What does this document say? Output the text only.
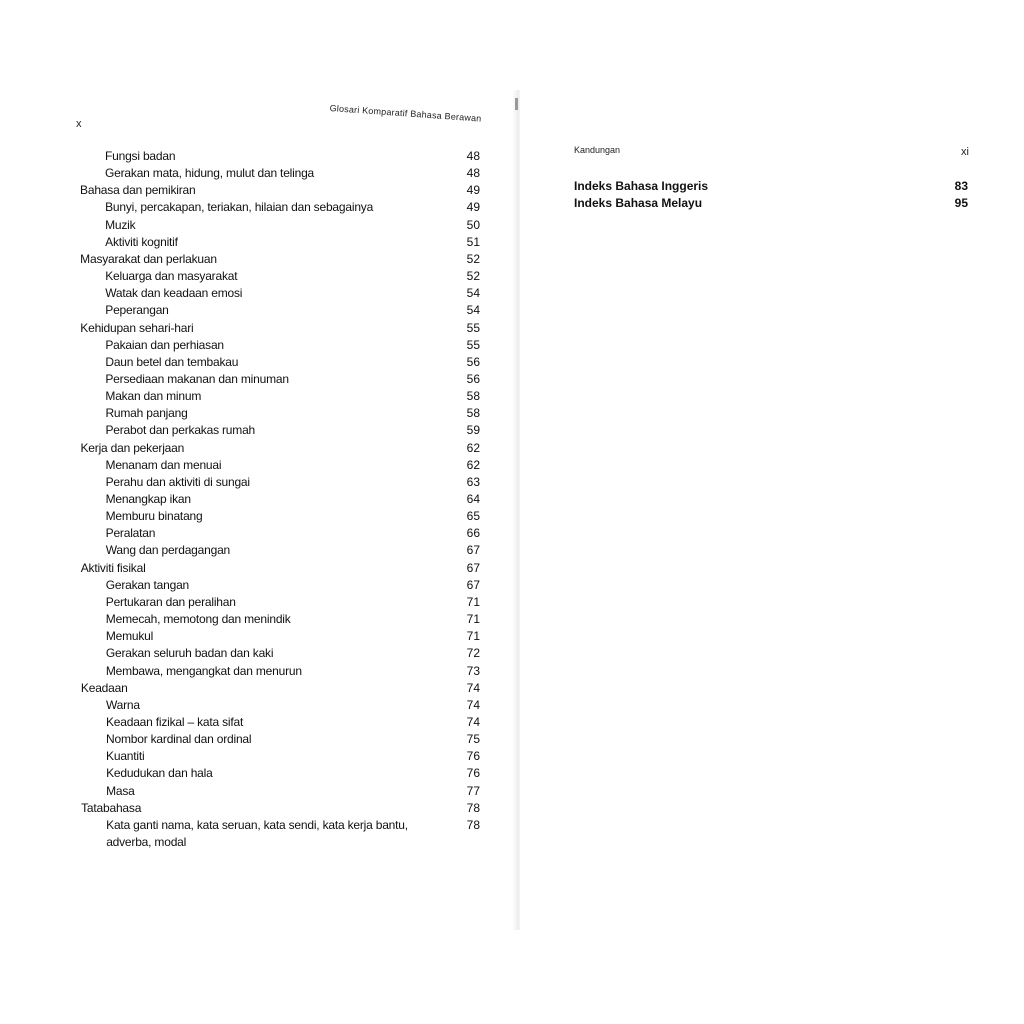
Glosari Komparatif Bahasa Berawan
x
Fungsi badan	48
Gerakan mata, hidung, mulut dan telinga	48
Bahasa dan pemikiran	49
Bunyi, percakapan, teriakan, hilaian dan sebagainya	49
Muzik	50
Aktiviti kognitif	51
Masyarakat dan perlakuan	52
Keluarga dan masyarakat	52
Watak dan keadaan emosi	54
Peperangan	54
Kehidupan sehari-hari	55
Pakaian dan perhiasan	55
Daun betel dan tembakau	56
Persediaan makanan dan minuman	56
Makan dan minum	58
Rumah panjang	58
Perabot dan perkakas rumah	59
Kerja dan pekerjaan	62
Menanam dan menuai	62
Perahu dan aktiviti di sungai	63
Menangkap ikan	64
Memburu binatang	65
Peralatan	66
Wang dan perdagangan	67
Aktiviti fisikal	67
Gerakan tangan	67
Pertukaran dan peralihan	71
Memecah, memotong dan menindik	71
Memukul	71
Gerakan seluruh badan dan kaki	72
Membawa, mengangkat dan menurun	73
Keadaan	74
Warna	74
Keadaan fizikal – kata sifat	74
Nombor kardinal dan ordinal	75
Kuantiti	76
Kedudukan dan hala	76
Masa	77
Tatabahasa	78
Kata ganti nama, kata seruan, kata sendi, kata kerja bantu,	78
adverba, modal
Kandungan	xi
Indeks Bahasa Inggeris	83
Indeks Bahasa Melayu	95
